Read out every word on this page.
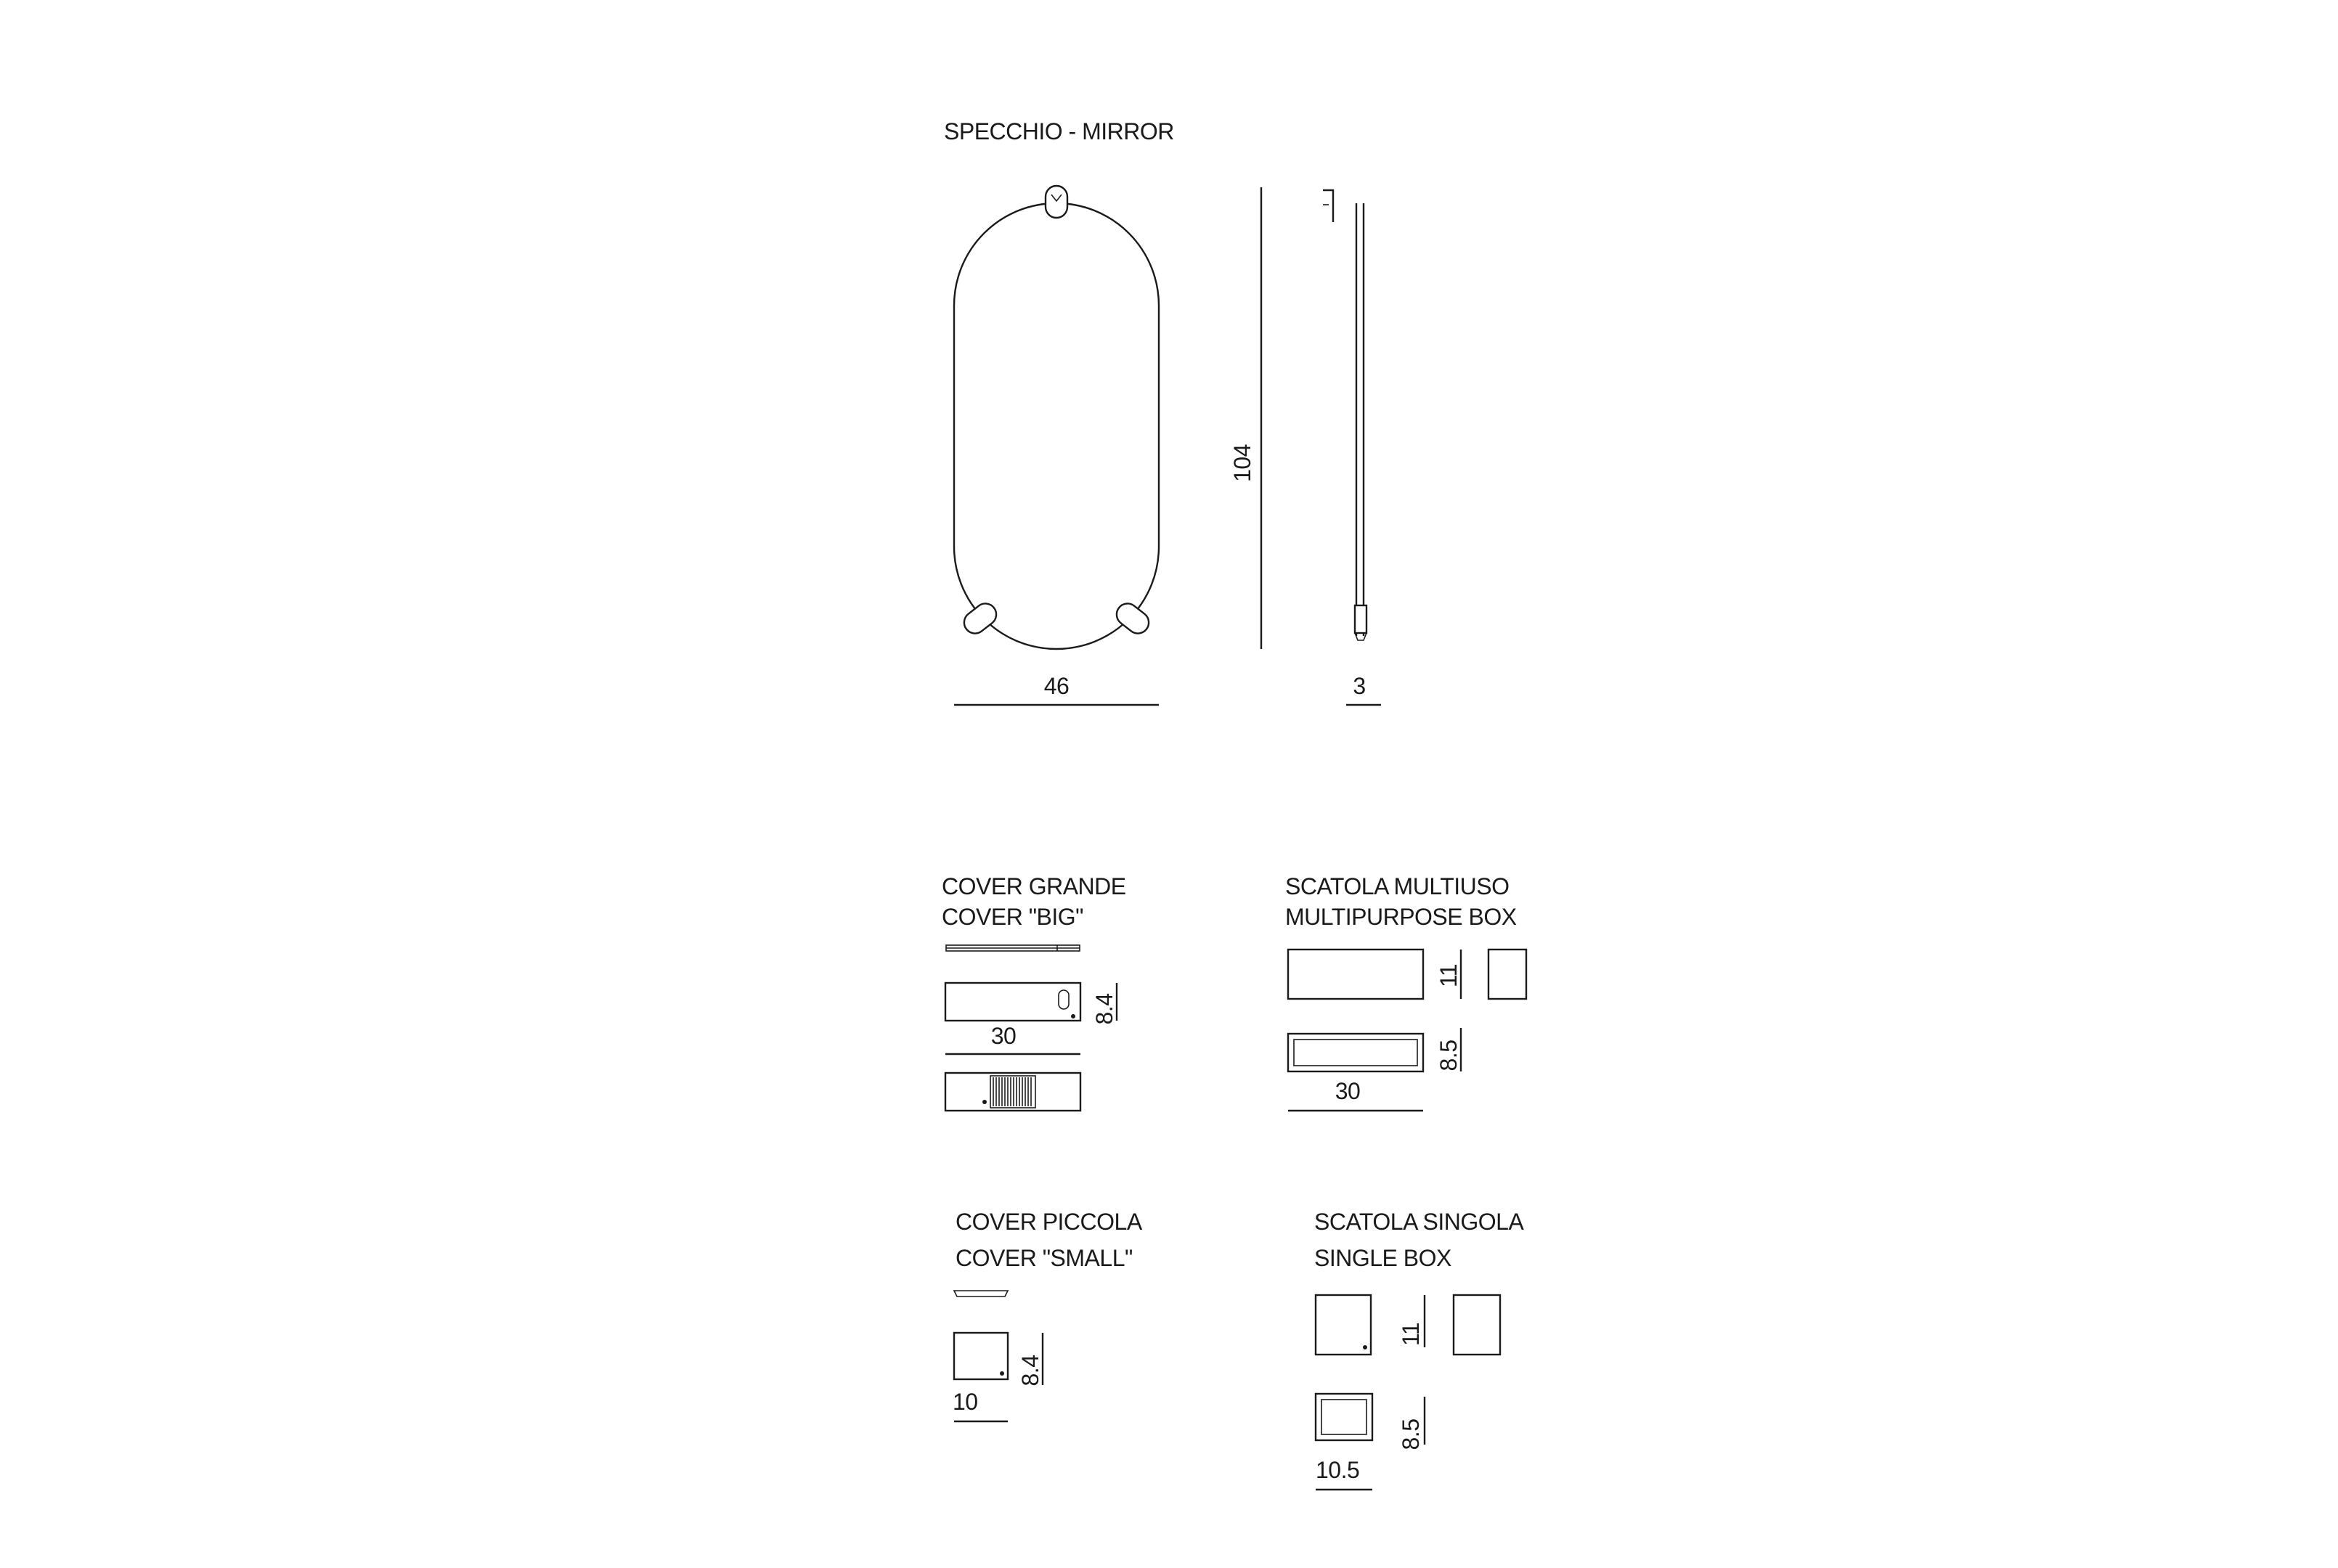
SPECCHIO - MIRROR
46
104
3
COVER GRANDE
COVER "BIG"
8.4
30
SCATOLA MULTIUSO
MULTIPURPOSE BOX
11
8.5
30
COVER PICCOLA
COVER "SMALL"
8.4
10
SCATOLA SINGOLA
SINGLE BOX
11
8.5
10.5
